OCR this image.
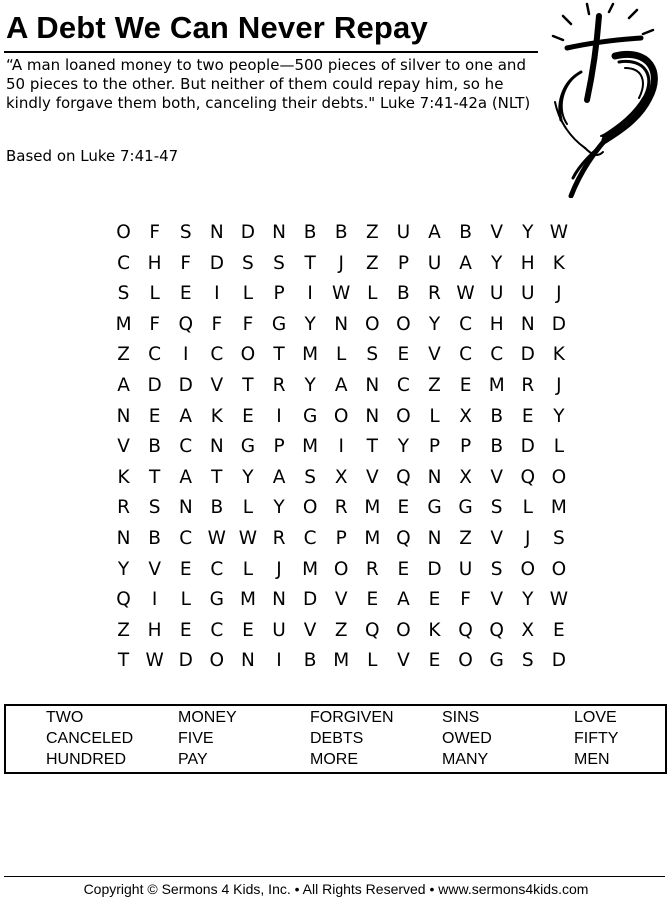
A Debt We Can Never Repay
“A man loaned money to two people—500 pieces of silver to one and 50 pieces to the other. But neither of them could repay him, so he kindly forgave them both, canceling their debts." Luke 7:41-42a (NLT)
Based on Luke 7:41-47
O F	S N D N B B Z U A B V	Y W
C H	F	D S	S	T	J	Z	P	U A	Y H K
S	L	E	I	L	P	I	W L	B R W U U	J
M F Q F	F	G Y	N O O Y	C H N D
Z C	I	C O T M L	S	E	V C C D K
A D D V	T	R	Y	A N C Z	E M R	J
N E	A	K	E	I	G O N O	L	X B	E	Y
V B C N G P M	I	T	Y	P	P	B D	L
K	T	A	T	Y	A	S	X V Q N X V Q O
R	S N B	L	Y O R M E G G S	L M
N B C W W R C	P M Q N Z V	J	S
Y	V	E	C	L	J	M O R	E D U S O O
Q	I	L	G M N D V	E	A	E	F	V	Y W
Z H E	C	E U V Z Q O K Q Q X	E
T W D O N	I	B M L	V	E O G S D
TWO	MONEY	FORGIVEN	SINS	LOVE
CANCELED	FIVE	DEBTS	OWED	FIFTY
HUNDRED	PAY	MORE	MANY	MEN
Copyright © Sermons 4 Kids, Inc. • All Rights Reserved • www.sermons4kids.com
